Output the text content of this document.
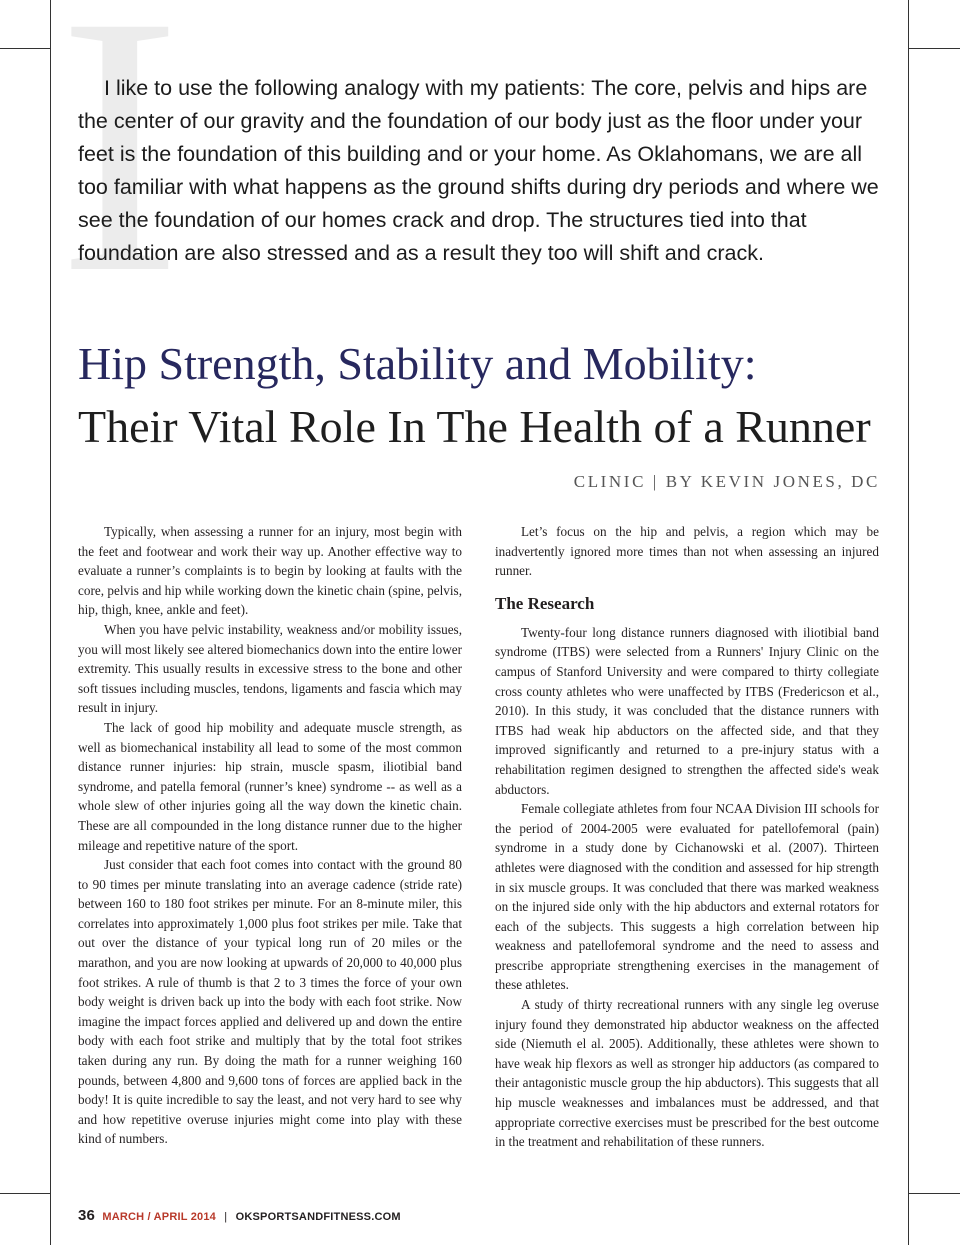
I

I like to use the following analogy with my patients: The core, pelvis and hips are the center of our gravity and the foundation of our body just as the floor under your feet is the foundation of this building and or your home. As Oklahomans, we are all too familiar with what happens as the ground shifts during dry periods and where we see the foundation of our homes crack and drop. The structures tied into that foundation are also stressed and as a result they too will shift and crack.

Hip Strength, Stability and Mobility:
Their Vital Role In The Health of a Runner
CLINIC | BY KEVIN JONES, DC

Typically, when assessing a runner for an injury, most begin with the feet and footwear and work their way up. Another effective way to evaluate a runner’s complaints is to begin by looking at faults with the core, pelvis and hip while working down the kinetic chain (spine, pelvis, hip, thigh, knee, ankle and feet).

When you have pelvic instability, weakness and/or mobility issues, you will most likely see altered biomechanics down into the entire lower extremity. This usually results in excessive stress to the bone and other soft tissues including muscles, tendons, ligaments and fascia which may result in injury.

The lack of good hip mobility and adequate muscle strength, as well as biomechanical instability all lead to some of the most common distance runner injuries: hip strain, muscle spasm, iliotibial band syndrome, and patella femoral (runner’s knee) syndrome -- as well as a whole slew of other injuries going all the way down the kinetic chain. These are all compounded in the long distance runner due to the higher mileage and repetitive nature of the sport.

Just consider that each foot comes into contact with the ground 80 to 90 times per minute translating into an average cadence (stride rate) between 160 to 180 foot strikes per minute. For an 8-minute miler, this correlates into approximately 1,000 plus foot strikes per mile. Take that out over the distance of your typical long run of 20 miles or the marathon, and you are now looking at upwards of 20,000 to 40,000 plus foot strikes. A rule of thumb is that 2 to 3 times the force of your own body weight is driven back up into the body with each foot strike. Now imagine the impact forces applied and delivered up and down the entire body with each foot strike and multiply that by the total foot strikes taken during any run. By doing the math for a runner weighing 160 pounds, between 4,800 and 9,600 tons of forces are applied back in the body! It is quite incredible to say the least, and not very hard to see why and how repetitive overuse injuries might come into play with these kind of numbers.

Let’s focus on the hip and pelvis, a region which may be inadvertently ignored more times than not when assessing an injured runner.

The Research

Twenty-four long distance runners diagnosed with iliotibial band syndrome (ITBS) were selected from a Runners' Injury Clinic on the campus of Stanford University and were compared to thirty collegiate cross county athletes who were unaffected by ITBS (Fredericson et al., 2010). In this study, it was concluded that the distance runners with ITBS had weak hip abductors on the affected side, and that they improved significantly and returned to a pre-injury status with a rehabilitation regimen designed to strengthen the affected side's weak abductors.

Female collegiate athletes from four NCAA Division III schools for the period of 2004-2005 were evaluated for patellofemoral (pain) syndrome in a study done by Cichanowski et al. (2007). Thirteen athletes were diagnosed with the condition and assessed for hip strength in six muscle groups. It was concluded that there was marked weakness on the injured side only with the hip abductors and external rotators for each of the subjects. This suggests a high correlation between hip weakness and patellofemoral syndrome and the need to assess and prescribe appropriate strengthening exercises in the management of these athletes.

A study of thirty recreational runners with any single leg overuse injury found they demonstrated hip abductor weakness on the affected side (Niemuth el al. 2005). Additionally, these athletes were shown to have weak hip flexors as well as stronger hip adductors (as compared to their antagonistic muscle group the hip abductors). This suggests that all hip muscle weaknesses and imbalances must be addressed, and that appropriate corrective exercises must be prescribed for the best outcome in the treatment and rehabilitation of these runners.

36 MARCH / APRIL 2014 | OKSPORTSANDFITNESS.COM
